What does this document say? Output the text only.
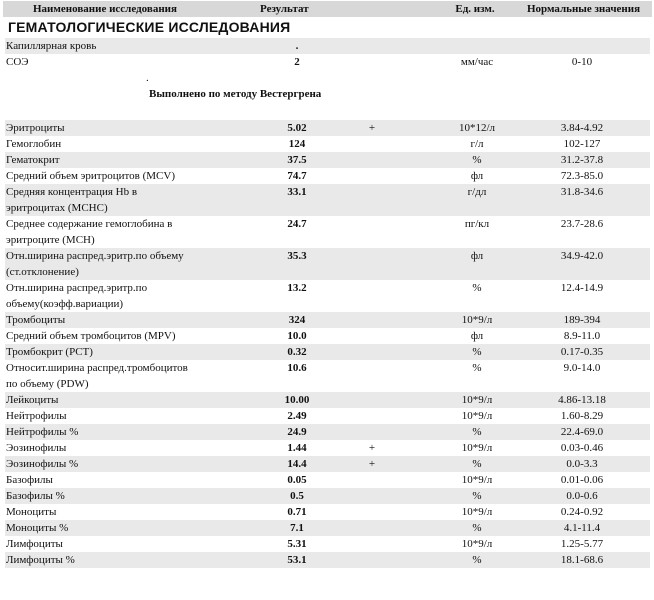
Наименование исследования	Результат	Ед. изм.	Нормальные значения
ГЕМАТОЛОГИЧЕСКИЕ ИССЛЕДОВАНИЯ
Капиллярная кровь	.
СОЭ	2	мм/час	0-10
.
Выполнено по методу Вестергрена
Эритроциты	5.02	+	10*12/л	3.84-4.92
Гемоглобин	124	г/л	102-127
Гематокрит	37.5	%	31.2-37.8
Средний объем эритроцитов (MCV)	74.7	фл	72.3-85.0
Средняя концентрация Hb в
эритроцитах (MCHC)
33.1	г/дл	31.8-34.6
Среднее содержание гемоглобина в
эритроците (MCH)
24.7	пг/кл	23.7-28.6
Отн.ширина распред.эритр.по объему
(ст.отклонение)
35.3	фл	34.9-42.0
Отн.ширина распред.эритр.по
объему(коэфф.вариации)
13.2	%	12.4-14.9
Тромбоциты	324	10*9/л	189-394
Средний объем тромбоцитов (MPV)	10.0	фл	8.9-11.0
Тромбокрит (PCT)	0.32	%	0.17-0.35
Относит.ширина распред.тромбоцитов
по объему (PDW)
10.6	%	9.0-14.0
Лейкоциты	10.00	10*9/л	4.86-13.18
Нейтрофилы	2.49	10*9/л	1.60-8.29
Нейтрофилы %	24.9	%	22.4-69.0
Эозинофилы	1.44	+	10*9/л	0.03-0.46
Эозинофилы %	14.4	+	%	0.0-3.3
Базофилы	0.05	10*9/л	0.01-0.06
Базофилы %	0.5	%	0.0-0.6
Моноциты	0.71	10*9/л	0.24-0.92
Моноциты %	7.1	%	4.1-11.4
Лимфоциты	5.31	10*9/л	1.25-5.77
Лимфоциты %	53.1	%	18.1-68.6
